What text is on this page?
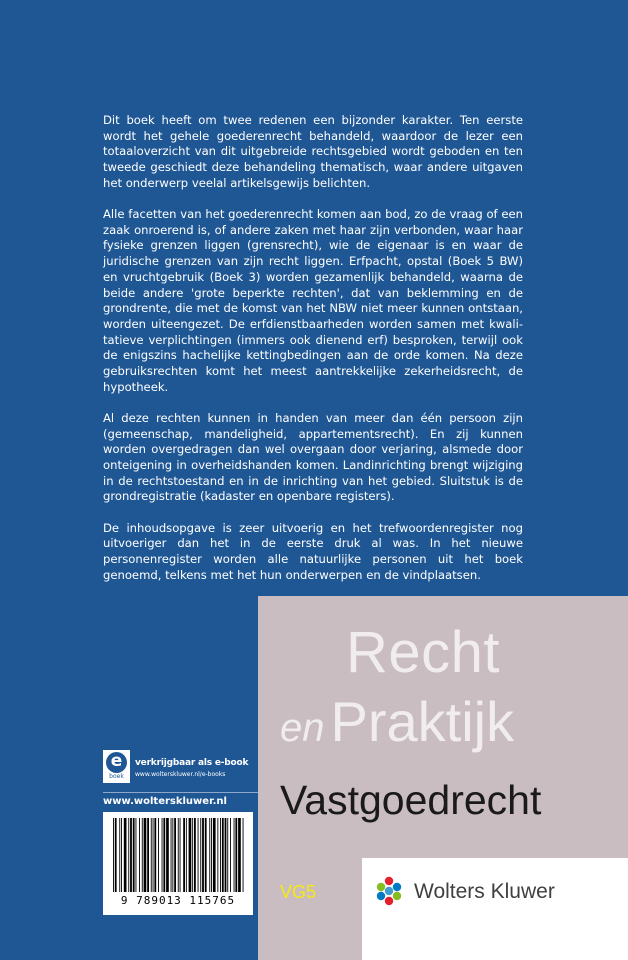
Dit boek heeft om twee redenen een bijzonder karakter. Ten eerste wordt het gehele goederenrecht behandeld, waardoor de lezer een totaaloverzicht van dit uitgebreide rechtsgebied wordt geboden en ten tweede geschiedt deze behandeling thematisch, waar andere uitgaven het onderwerp veelal artikelsgewijs belichten.

Alle facetten van het goederenrecht komen aan bod, zo de vraag of een zaak onroerend is, of andere zaken met haar zijn verbonden, waar haar fysieke grenzen liggen (grensrecht), wie de eigenaar is en waar de juridische grenzen van zijn recht liggen. Erfpacht, opstal (Boek 5 BW) en vruchtgebruik (Boek 3) worden gezamenlijk behandeld, waarna de beide andere 'grote beperkte rechten', dat van beklemming en de grondrente, die met de komst van het NBW niet meer kunnen ontstaan, worden uiteengezet. De erfdienstbaarheden worden samen met kwalitatieve verplichtingen (immers ook dienend erf) besproken, terwijl ook de enigszins hachelijke kettingbedingen aan de orde komen. Na deze gebruiksrechten komt het meest aantrekkelijke zekerheidsrecht, de hypotheek.

Al deze rechten kunnen in handen van meer dan één persoon zijn (gemeenschap, mandeligheid, appartementsrecht). En zij kunnen worden overgedragen dan wel overgaan door verjaring, alsmede door onteigening in overheidshanden komen. Landinrichting brengt wijziging in de rechtstoestand en in de inrichting van het gebied. Sluitstuk is de grondregistratie (kadaster en openbare registers).

De inhoudsopgave is zeer uitvoerig en het trefwoordenregister nog uitvoeriger dan het in de eerste druk al was. In het nieuwe personenregister worden alle natuurlijke personen uit het boek genoemd, telkens met het hun onderwerpen en de vindplaatsen.

e
boek
verkrijgbaar als e-book
www.wolterskluwer.nl/e-books
www.wolterskluwer.nl
9 789013 115765
Recht
en Praktijk
Vastgoedrecht
VG5	Wolters Kluwer
